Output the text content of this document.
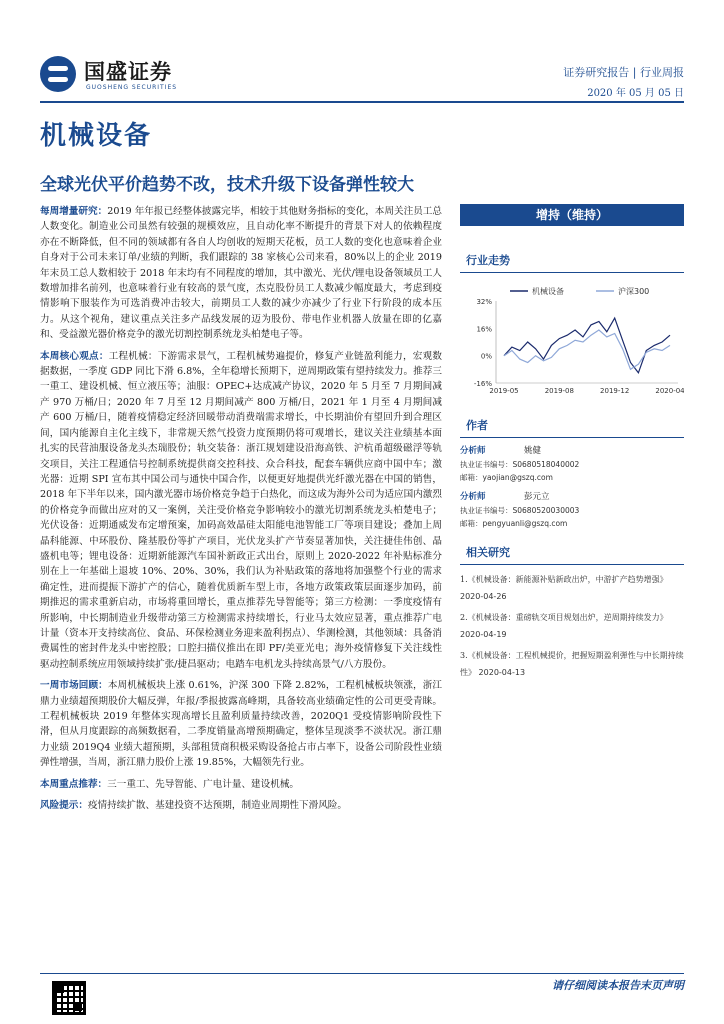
国盛证券
GUOSHENG SECURITIES
证券研究报告 | 行业周报
2020 年 05 月 05 日
机械设备
全球光伏平价趋势不改，技术升级下设备弹性较大

每周增量研究：2019 年年报已经整体披露完毕，相较于其他财务指标的变化，本周关注员工总人数变化。制造业公司虽然有较强的规模效应，且自动化率不断提升的背景下对人的依赖程度亦在不断降低，但不同的领域都有各自人均创收的短期天花板，员工人数的变化也意味着企业自身对于公司未来订单/业绩的判断，我们跟踪的 38 家核心公司来看，80%以上的企业 2019 年末员工总人数相较于 2018 年末均有不同程度的增加，其中激光、光伏/锂电设备领域员工人数增加排名前列，也意味着行业有较高的景气度，杰克股份员工人数减少幅度最大，考虑到疫情影响下服装作为可选消费冲击较大，前期员工人数的减少亦减少了行业下行阶段的成本压力。从这个视角，建议重点关注多产品线发展的迈为股份、带电作业机器人放量在即的亿嘉和、受益激光器价格竞争的激光切割控制系统龙头柏楚电子等。

本周核心观点：工程机械：下游需求景气，工程机械势遍提价，修复产业链盈利能力，宏观数据数据，一季度 GDP 同比下滑 6.8%，全年稳增长预期下，逆周期政策有望持续发力。推荐三一重工、建设机械、恒立液压等；油服：OPEC+达成减产协议，2020 年 5 月至 7 月期间减产 970 万桶/日；2020 年 7 月至 12 月期间减产 800 万桶/日，2021 年 1 月至 4 月期间减产 600 万桶/日，随着疫情稳定经济回暖带动消费端需求增长，中长期油价有望回升到合理区间，国内能源自主化主线下，非常规天然气投资力度预期仍将可观增长，建议关注业绩基本面扎实的民营油服设备龙头杰瑞股份；轨交装备：浙江规划建设沿海高铁、沪杭甬超级磁浮等轨交项目，关注工程通信号控制系统提供商交控科技、众合科技，配套车辆供应商中国中车；激光器：近期 SPI 宣布其中国公司与通快中国合作，以便更好地提供光纤激光器在中国的销售，2018 年下半年以来，国内激光器市场价格竞争趋于白热化，而这成为海外公司为适应国内激烈的价格竞争而做出应对的又一案例，关注受价格竞争影响较小的激光切割系统龙头柏楚电子；光伏设备：近期通威发布定增预案，加码高效晶硅太阳能电池智能工厂等项目建设；叠加上周晶科能源、中环股份、隆基股份等扩产项目，光伏龙头扩产节奏显著加快，关注捷佳伟创、晶盛机电等；锂电设备：近期新能源汽车国补新政正式出台，原则上 2020-2022 年补贴标准分别在上一年基础上退坡 10%、20%、30%，我们认为补贴政策的落地将加强整个行业的需求确定性，进而提振下游扩产的信心，随着优质新车型上市，各地方政策政策层面逐步加码，前期推迟的需求重新启动，市场将重回增长，重点推荐先导智能等；第三方检测：一季度疫情有所影响，中长期制造业升级带动第三方检测需求持续增长，行业马太效应显著，重点推荐广电计量（资本开支持续高位、食品、环保检测业务迎来盈利拐点）、华测检测，其他领域：具备消费属性的密封件龙头中密控股；口腔扫描仪推出在即 PF/美亚光电；海外疫情修复下关注线性驱动控制系统应用领域持续扩张/捷昌驱动；电踏车电机龙头持续高景气/八方股份。

一周市场回顾：本周机械板块上涨 0.61%，沪深 300 下降 2.82%，工程机械板块领涨，浙江鼎力业绩超预期股价大幅反弹，年报/季报披露高峰期，具备较高业绩确定性的公司更受青睐。工程机械板块 2019 年整体实现高增长且盈利质量持续改善，2020Q1 受疫情影响阶段性下滑，但从月度跟踪的高频数据看，二季度销量高增预期确定，整体呈现淡季不淡状况。浙江鼎力业绩 2019Q4 业绩大超预期，头部租赁商积极采购设备抢占市占率下，设备公司阶段性业绩弹性增强，当周，浙江鼎力股价上涨 19.85%，大幅领先行业。

本周重点推荐：三一重工、先导智能、广电计量、建设机械。

风险提示：疫情持续扩散、基建投资不达预期，制造业周期性下滑风险。

增持（维持）
行业走势
机械设备	沪深300
32%
16%
0%
-16%
2019-05	2019-08	2019-12	2020-04
作者
分析师	姚健
执业证书编号：S0680518040002
邮箱：yaojian@gszq.com
分析师	彭元立
执业证书编号：S0680520030003
邮箱：pengyuanli@gszq.com
相关研究
1.《机械设备：新能源补贴新政出炉，中游扩产趋势增强》 2020-04-26
2.《机械设备：重磅轨交项目规划出炉，逆周期持续发力》 2020-04-19
3.《机械设备：工程机械提价，把握短期盈利弹性与中长期持续性》 2020-04-13
请仔细阅读本报告末页声明
